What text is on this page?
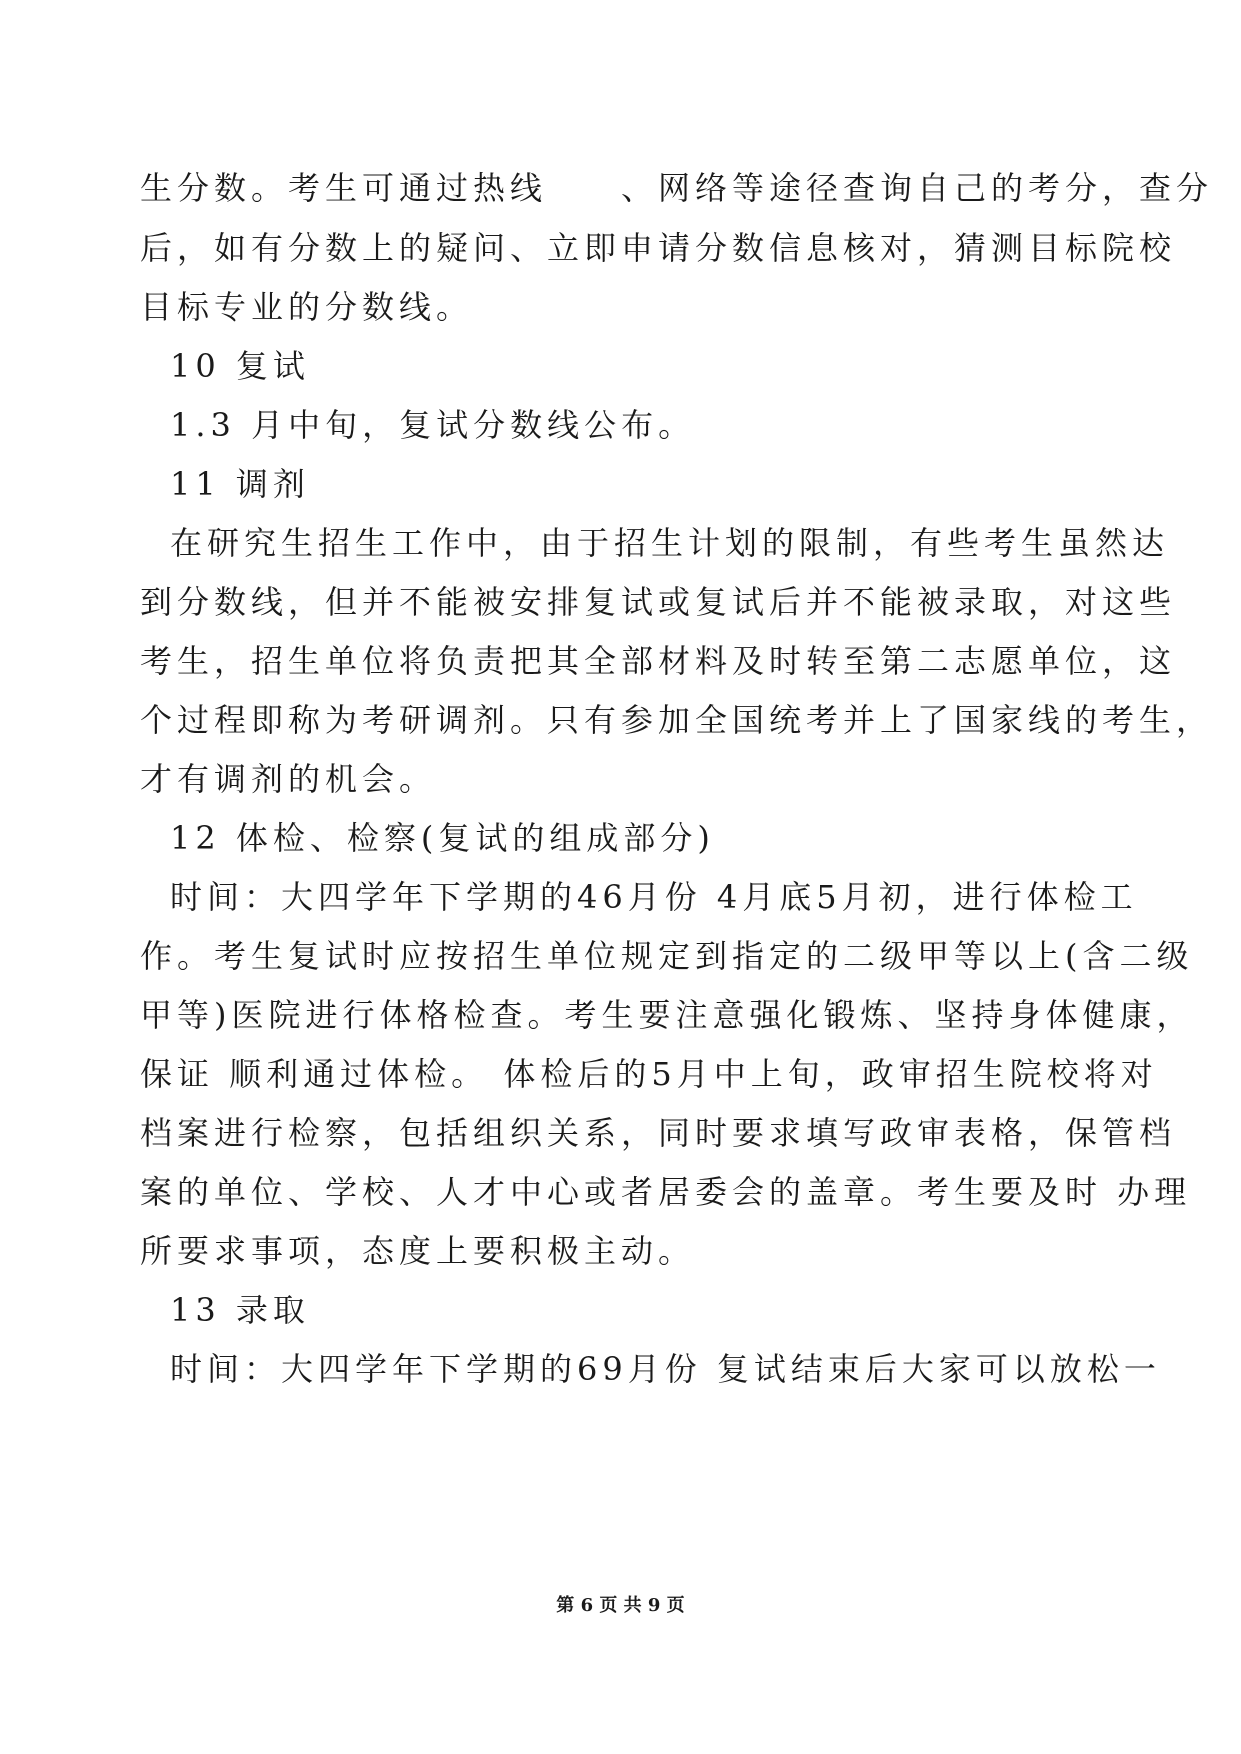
生分数。考生可通过热线　　、网络等途径查询自己的考分，查分
后，如有分数上的疑问、立即申请分数信息核对，猜测目标院校
目标专业的分数线。
10 复试
1.3 月中旬，复试分数线公布。
11 调剂
在研究生招生工作中，由于招生计划的限制，有些考生虽然达
到分数线，但并不能被安排复试或复试后并不能被录取，对这些
考生，招生单位将负责把其全部材料及时转至第二志愿单位，这
个过程即称为考研调剂。只有参加全国统考并上了国家线的考生，
才有调剂的机会。
12 体检、检察(复试的组成部分)
时间：大四学年下学期的46月份 4月底5月初，进行体检工
作。考生复试时应按招生单位规定到指定的二级甲等以上(含二级
甲等)医院进行体格检查。考生要注意强化锻炼、坚持身体健康，
保证 顺利通过体检。 体检后的5月中上旬，政审招生院校将对
档案进行检察，包括组织关系，同时要求填写政审表格，保管档
案的单位、学校、人才中心或者居委会的盖章。考生要及时 办理
所要求事项，态度上要积极主动。
13 录取
时间：大四学年下学期的69月份 复试结束后大家可以放松一
第 6 页 共 9 页
